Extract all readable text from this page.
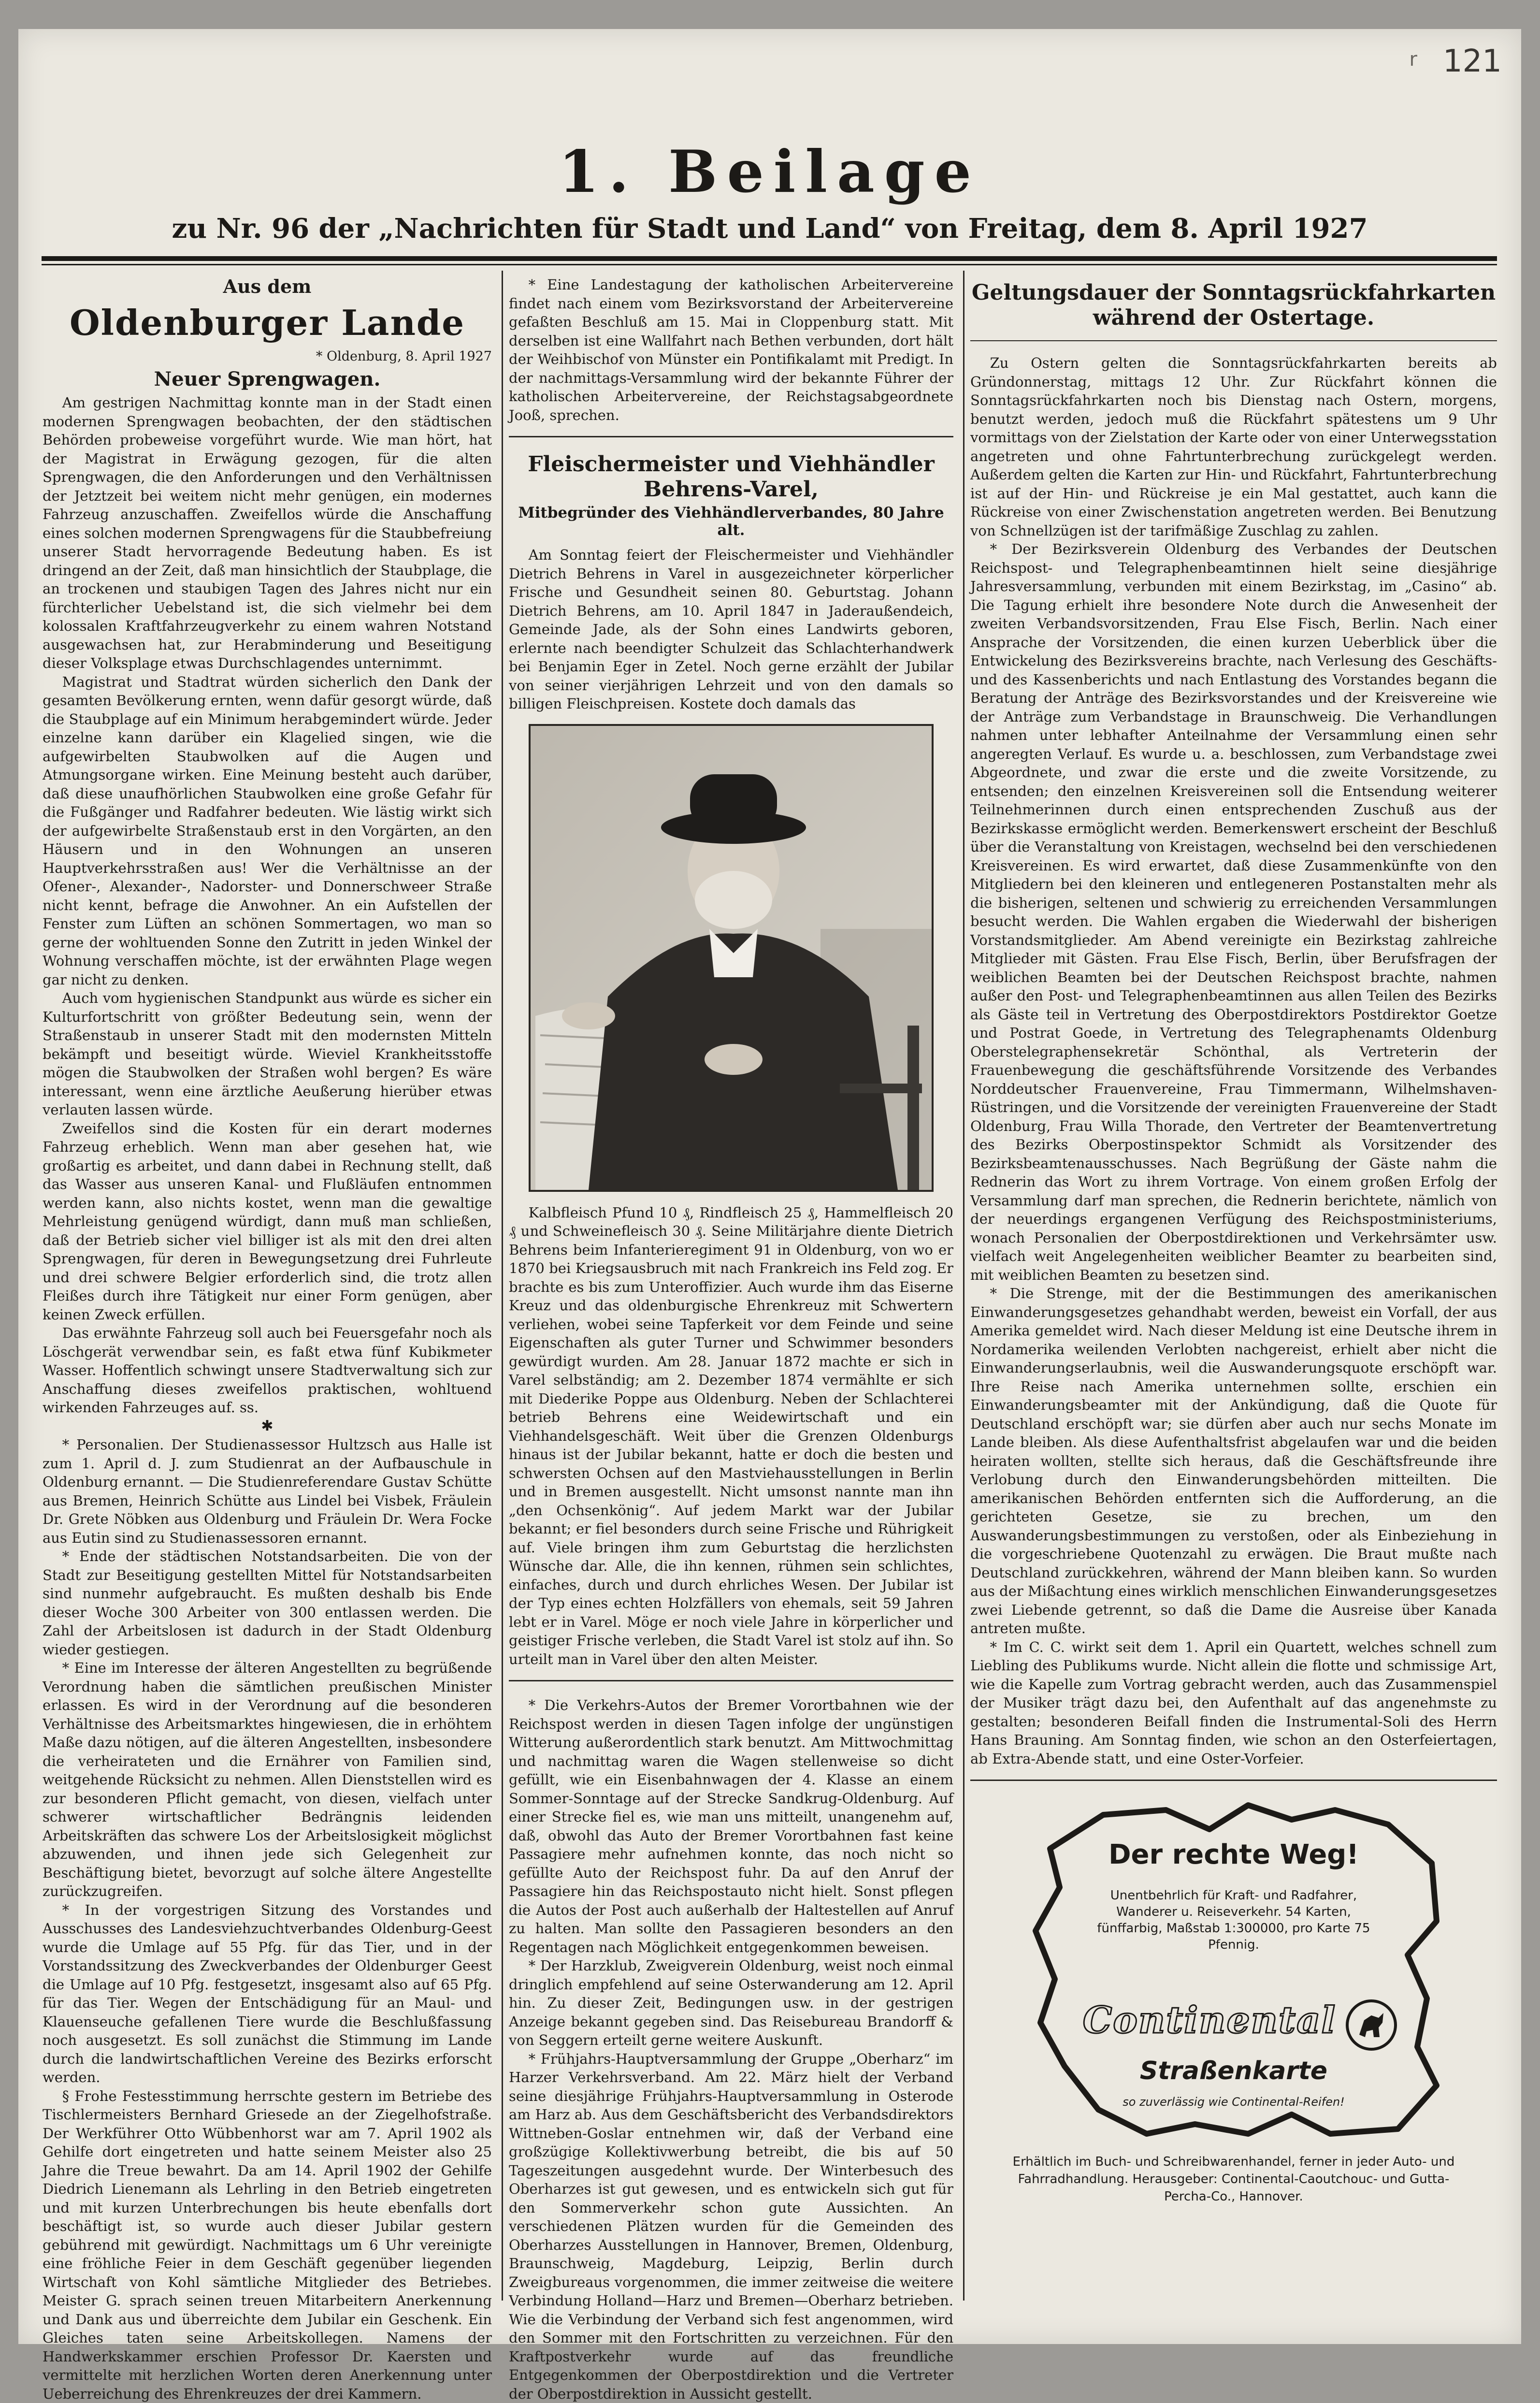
r 121
1. Beilage
zu Nr. 96 der „Nachrichten für Stadt und Land“ von Freitag, dem 8. April 1927
Aus dem
Oldenburger Lande
* Oldenburg, 8. April 1927
Neuer Sprengwagen.

Am gestrigen Nachmittag konnte man in der Stadt einen modernen Sprengwagen beobachten, der den städtischen Behörden probeweise vorgeführt wurde. Wie man hört, hat der Magistrat in Erwägung gezogen, für die alten Sprengwagen, die den Anforderungen und den Verhältnissen der Jetztzeit bei weitem nicht mehr genügen, ein modernes Fahrzeug anzuschaffen. Zweifellos würde die Anschaffung eines solchen modernen Sprengwagens für die Staubbefreiung unserer Stadt hervorragende Bedeutung haben. Es ist dringend an der Zeit, daß man hinsichtlich der Staubplage, die an trockenen und staubigen Tagen des Jahres nicht nur ein fürchterlicher Uebelstand ist, die sich vielmehr bei dem kolossalen Kraftfahrzeugverkehr zu einem wahren Notstand ausgewachsen hat, zur Herabminderung und Beseitigung dieser Volksplage etwas Durchschlagendes unternimmt.

Magistrat und Stadtrat würden sicherlich den Dank der gesamten Bevölkerung ernten, wenn dafür gesorgt würde, daß die Staubplage auf ein Minimum herabgemindert würde. Jeder einzelne kann darüber ein Klagelied singen, wie die aufgewirbelten Staubwolken auf die Augen und Atmungsorgane wirken. Eine Meinung besteht auch darüber, daß diese unaufhörlichen Staubwolken eine große Gefahr für die Fußgänger und Radfahrer bedeuten. Wie lästig wirkt sich der aufgewirbelte Straßenstaub erst in den Vorgärten, an den Häusern und in den Wohnungen an unseren Hauptverkehrsstraßen aus! Wer die Verhältnisse an der Ofener-, Alexander-, Nadorster- und Donnerschweer Straße nicht kennt, befrage die Anwohner. An ein Aufstellen der Fenster zum Lüften an schönen Sommertagen, wo man so gerne der wohltuenden Sonne den Zutritt in jeden Winkel der Wohnung verschaffen möchte, ist der erwähnten Plage wegen gar nicht zu denken.

Auch vom hygienischen Standpunkt aus würde es sicher ein Kulturfortschritt von größter Bedeutung sein, wenn der Straßenstaub in unserer Stadt mit den modernsten Mitteln bekämpft und beseitigt würde. Wieviel Krankheitsstoffe mögen die Staubwolken der Straßen wohl bergen? Es wäre interessant, wenn eine ärztliche Aeußerung hierüber etwas verlauten lassen würde.

Zweifellos sind die Kosten für ein derart modernes Fahrzeug erheblich. Wenn man aber gesehen hat, wie großartig es arbeitet, und dann dabei in Rechnung stellt, daß das Wasser aus unseren Kanal- und Flußläufen entnommen werden kann, also nichts kostet, wenn man die gewaltige Mehrleistung genügend würdigt, dann muß man schließen, daß der Betrieb sicher viel billiger ist als mit den drei alten Sprengwagen, für deren in Bewegungsetzung drei Fuhrleute und drei schwere Belgier erforderlich sind, die trotz allen Fleißes durch ihre Tätigkeit nur einer Form genügen, aber keinen Zweck erfüllen.

Das erwähnte Fahrzeug soll auch bei Feuersgefahr noch als Löschgerät verwendbar sein, es faßt etwa fünf Kubikmeter Wasser. Hoffentlich schwingt unsere Stadtverwaltung sich zur Anschaffung dieses zweifellos praktischen, wohltuend wirkenden Fahrzeuges auf. ss.

✱

* Personalien. Der Studienassessor Hultzsch aus Halle ist zum 1. April d. J. zum Studienrat an der Aufbauschule in Oldenburg ernannt. — Die Studienreferendare Gustav Schütte aus Bremen, Heinrich Schütte aus Lindel bei Visbek, Fräulein Dr. Grete Nöbken aus Oldenburg und Fräulein Dr. Wera Focke aus Eutin sind zu Studienassessoren ernannt.

* Ende der städtischen Notstandsarbeiten. Die von der Stadt zur Beseitigung gestellten Mittel für Notstandsarbeiten sind nunmehr aufgebraucht. Es mußten deshalb bis Ende dieser Woche 300 Arbeiter von 300 entlassen werden. Die Zahl der Arbeitslosen ist dadurch in der Stadt Oldenburg wieder gestiegen.

* Eine im Interesse der älteren Angestellten zu begrüßende Verordnung haben die sämtlichen preußischen Minister erlassen. Es wird in der Verordnung auf die besonderen Verhältnisse des Arbeitsmarktes hingewiesen, die in erhöhtem Maße dazu nötigen, auf die älteren Angestellten, insbesondere die verheirateten und die Ernährer von Familien sind, weitgehende Rücksicht zu nehmen. Allen Dienststellen wird es zur besonderen Pflicht gemacht, von diesen, vielfach unter schwerer wirtschaftlicher Bedrängnis leidenden Arbeitskräften das schwere Los der Arbeitslosigkeit möglichst abzuwenden, und ihnen jede sich Gelegenheit zur Beschäftigung bietet, bevorzugt auf solche ältere Angestellte zurückzugreifen.

* In der vorgestrigen Sitzung des Vorstandes und Ausschusses des Landesviehzuchtverbandes Oldenburg-Geest wurde die Umlage auf 55 Pfg. für das Tier, und in der Vorstandssitzung des Zweckverbandes der Oldenburger Geest die Umlage auf 10 Pfg. festgesetzt, insgesamt also auf 65 Pfg. für das Tier. Wegen der Entschädigung für an Maul- und Klauenseuche gefallenen Tiere wurde die Beschlußfassung noch ausgesetzt. Es soll zunächst die Stimmung im Lande durch die landwirtschaftlichen Vereine des Bezirks erforscht werden.

§ Frohe Festesstimmung herrschte gestern im Betriebe des Tischlermeisters Bernhard Griesede an der Ziegelhofstraße. Der Werkführer Otto Wübbenhorst war am 7. April 1902 als Gehilfe dort eingetreten und hatte seinem Meister also 25 Jahre die Treue bewahrt. Da am 14. April 1902 der Gehilfe Diedrich Lienemann als Lehrling in den Betrieb eingetreten und mit kurzen Unterbrechungen bis heute ebenfalls dort beschäftigt ist, so wurde auch dieser Jubilar gestern gebührend mit gewürdigt. Nachmittags um 6 Uhr vereinigte eine fröhliche Feier in dem Geschäft gegenüber liegenden Wirtschaft von Kohl sämtliche Mitglieder des Betriebes. Meister G. sprach seinen treuen Mitarbeitern Anerkennung und Dank aus und überreichte dem Jubilar ein Geschenk. Ein Gleiches taten seine Arbeitskollegen. Namens der Handwerkskammer erschien Professor Dr. Kaersten und vermittelte mit herzlichen Worten deren Anerkennung unter Ueberreichung des Ehrenkreuzes der drei Kammern.

* Eine Landestagung der katholischen Arbeitervereine findet nach einem vom Bezirksvorstand der Arbeitervereine gefaßten Beschluß am 15. Mai in Cloppenburg statt. Mit derselben ist eine Wallfahrt nach Bethen verbunden, dort hält der Weihbischof von Münster ein Pontifikalamt mit Predigt. In der nachmittags-Versammlung wird der bekannte Führer der katholischen Arbeitervereine, der Reichstagsabgeordnete Jooß, sprechen.

Fleischermeister und Viehhändler Behrens-Varel,
Mitbegründer des Viehhändlerverbandes, 80 Jahre alt.

Am Sonntag feiert der Fleischermeister und Viehhändler Dietrich Behrens in Varel in ausgezeichneter körperlicher Frische und Gesundheit seinen 80. Geburtstag. Johann Dietrich Behrens, am 10. April 1847 in Jaderaußendeich, Gemeinde Jade, als der Sohn eines Landwirts geboren, erlernte nach beendigter Schulzeit das Schlachterhandwerk bei Benjamin Eger in Zetel. Noch gerne erzählt der Jubilar von seiner vierjährigen Lehrzeit und von den damals so billigen Fleischpreisen. Kostete doch damals das

Kalbfleisch Pfund 10 ₰, Rindfleisch 25 ₰, Hammelfleisch 20 ₰ und Schweinefleisch 30 ₰. Seine Militärjahre diente Dietrich Behrens beim Infanterieregiment 91 in Oldenburg, von wo er 1870 bei Kriegsausbruch mit nach Frankreich ins Feld zog. Er brachte es bis zum Unteroffizier. Auch wurde ihm das Eiserne Kreuz und das oldenburgische Ehrenkreuz mit Schwertern verliehen, wobei seine Tapferkeit vor dem Feinde und seine Eigenschaften als guter Turner und Schwimmer besonders gewürdigt wurden. Am 28. Januar 1872 machte er sich in Varel selbständig; am 2. Dezember 1874 vermählte er sich mit Diederike Poppe aus Oldenburg. Neben der Schlachterei betrieb Behrens eine Weidewirtschaft und ein Viehhandelsgeschäft. Weit über die Grenzen Oldenburgs hinaus ist der Jubilar bekannt, hatte er doch die besten und schwersten Ochsen auf den Mastviehausstellungen in Berlin und in Bremen ausgestellt. Nicht umsonst nannte man ihn „den Ochsenkönig“. Auf jedem Markt war der Jubilar bekannt; er fiel besonders durch seine Frische und Rührigkeit auf. Viele bringen ihm zum Geburtstag die herzlichsten Wünsche dar. Alle, die ihn kennen, rühmen sein schlichtes, einfaches, durch und durch ehrliches Wesen. Der Jubilar ist der Typ eines echten Holzfällers von ehemals, seit 59 Jahren lebt er in Varel. Möge er noch viele Jahre in körperlicher und geistiger Frische verleben, die Stadt Varel ist stolz auf ihn. So urteilt man in Varel über den alten Meister.

* Die Verkehrs-Autos der Bremer Vorortbahnen wie der Reichspost werden in diesen Tagen infolge der ungünstigen Witterung außerordentlich stark benutzt. Am Mittwochmittag und nachmittag waren die Wagen stellenweise so dicht gefüllt, wie ein Eisenbahnwagen der 4. Klasse an einem Sommer-Sonntage auf der Strecke Sandkrug-Oldenburg. Auf einer Strecke fiel es, wie man uns mitteilt, unangenehm auf, daß, obwohl das Auto der Bremer Vorortbahnen fast keine Passagiere mehr aufnehmen konnte, das noch nicht so gefüllte Auto der Reichspost fuhr. Da auf den Anruf der Passagiere hin das Reichspostauto nicht hielt. Sonst pflegen die Autos der Post auch außerhalb der Haltestellen auf Anruf zu halten. Man sollte den Passagieren besonders an den Regentagen nach Möglichkeit entgegenkommen beweisen.

* Der Harzklub, Zweigverein Oldenburg, weist noch einmal dringlich empfehlend auf seine Osterwanderung am 12. April hin. Zu dieser Zeit, Bedingungen usw. in der gestrigen Anzeige bekannt gegeben sind. Das Reisebureau Brandorff & von Seggern erteilt gerne weitere Auskunft.

* Frühjahrs-Hauptversammlung der Gruppe „Oberharz“ im Harzer Verkehrsverband. Am 22. März hielt der Verband seine diesjährige Frühjahrs-Hauptversammlung in Osterode am Harz ab. Aus dem Geschäftsbericht des Verbandsdirektors Wittneben-Goslar entnehmen wir, daß der Verband eine großzügige Kollektivwerbung betreibt, die bis auf 50 Tageszeitungen ausgedehnt wurde. Der Winterbesuch des Oberharzes ist gut gewesen, und es entwickeln sich gut für den Sommerverkehr schon gute Aussichten. An verschiedenen Plätzen wurden für die Gemeinden des Oberharzes Ausstellungen in Hannover, Bremen, Oldenburg, Braunschweig, Magdeburg, Leipzig, Berlin durch Zweigbureaus vorgenommen, die immer zeitweise die weitere Verbindung Holland—Harz und Bremen—Oberharz betrieben. Wie die Verbindung der Verband sich fest angenommen, wird den Sommer mit den Fortschritten zu verzeichnen. Für den Kraftpostverkehr wurde auf das freundliche Entgegenkommen der Oberpostdirektion und die Vertreter der Oberpostdirektion in Aussicht gestellt.

Geltungsdauer der Sonntagsrückfahrkarten während der Ostertage.

Zu Ostern gelten die Sonntagsrückfahrkarten bereits ab Gründonnerstag, mittags 12 Uhr. Zur Rückfahrt können die Sonntagsrückfahrkarten noch bis Dienstag nach Ostern, morgens, benutzt werden, jedoch muß die Rückfahrt spätestens um 9 Uhr vormittags von der Zielstation der Karte oder von einer Unterwegsstation angetreten und ohne Fahrtunterbrechung zurückgelegt werden. Außerdem gelten die Karten zur Hin- und Rückfahrt, Fahrtunterbrechung ist auf der Hin- und Rückreise je ein Mal gestattet, auch kann die Rückreise von einer Zwischenstation angetreten werden. Bei Benutzung von Schnellzügen ist der tarifmäßige Zuschlag zu zahlen.

* Der Bezirksverein Oldenburg des Verbandes der Deutschen Reichspost- und Telegraphenbeamtinnen hielt seine diesjährige Jahresversammlung, verbunden mit einem Bezirkstag, im „Casino“ ab. Die Tagung erhielt ihre besondere Note durch die Anwesenheit der zweiten Verbandsvorsitzenden, Frau Else Fisch, Berlin. Nach einer Ansprache der Vorsitzenden, die einen kurzen Ueberblick über die Entwickelung des Bezirksvereins brachte, nach Verlesung des Geschäfts- und des Kassenberichts und nach Entlastung des Vorstandes begann die Beratung der Anträge des Bezirksvorstandes und der Kreisvereine wie der Anträge zum Verbandstage in Braunschweig. Die Verhandlungen nahmen unter lebhafter Anteilnahme der Versammlung einen sehr angeregten Verlauf. Es wurde u. a. beschlossen, zum Verbandstage zwei Abgeordnete, und zwar die erste und die zweite Vorsitzende, zu entsenden; den einzelnen Kreisvereinen soll die Entsendung weiterer Teilnehmerinnen durch einen entsprechenden Zuschuß aus der Bezirkskasse ermöglicht werden. Bemerkenswert erscheint der Beschluß über die Veranstaltung von Kreistagen, wechselnd bei den verschiedenen Kreisvereinen. Es wird erwartet, daß diese Zusammenkünfte von den Mitgliedern bei den kleineren und entlegeneren Postanstalten mehr als die bisherigen, seltenen und schwierig zu erreichenden Versammlungen besucht werden. Die Wahlen ergaben die Wiederwahl der bisherigen Vorstandsmitglieder. Am Abend vereinigte ein Bezirkstag zahlreiche Mitglieder mit Gästen. Frau Else Fisch, Berlin, über Berufsfragen der weiblichen Beamten bei der Deutschen Reichspost brachte, nahmen außer den Post- und Telegraphenbeamtinnen aus allen Teilen des Bezirks als Gäste teil in Vertretung des Oberpostdirektors Postdirektor Goetze und Postrat Goede, in Vertretung des Telegraphenamts Oldenburg Oberstelegraphensekretär Schönthal, als Vertreterin der Frauenbewegung die geschäftsführende Vorsitzende des Verbandes Norddeutscher Frauenvereine, Frau Timmermann, Wilhelmshaven-Rüstringen, und die Vorsitzende der vereinigten Frauenvereine der Stadt Oldenburg, Frau Willa Thorade, den Vertreter der Beamtenvertretung des Bezirks Oberpostinspektor Schmidt als Vorsitzender des Bezirksbeamtenausschusses. Nach Begrüßung der Gäste nahm die Rednerin das Wort zu ihrem Vortrage. Von einem großen Erfolg der Versammlung darf man sprechen, die Rednerin berichtete, nämlich von der neuerdings ergangenen Verfügung des Reichspostministeriums, wonach Personalien der Oberpostdirektionen und Verkehrsämter usw. vielfach weit Angelegenheiten weiblicher Beamter zu bearbeiten sind, mit weiblichen Beamten zu besetzen sind.

* Die Strenge, mit der die Bestimmungen des amerikanischen Einwanderungsgesetzes gehandhabt werden, beweist ein Vorfall, der aus Amerika gemeldet wird. Nach dieser Meldung ist eine Deutsche ihrem in Nordamerika weilenden Verlobten nachgereist, erhielt aber nicht die Einwanderungserlaubnis, weil die Auswanderungsquote erschöpft war. Ihre Reise nach Amerika unternehmen sollte, erschien ein Einwanderungsbeamter mit der Ankündigung, daß die Quote für Deutschland erschöpft war; sie dürfen aber auch nur sechs Monate im Lande bleiben. Als diese Aufenthaltsfrist abgelaufen war und die beiden heiraten wollten, stellte sich heraus, daß die Geschäftsfreunde ihre Verlobung durch den Einwanderungsbehörden mitteilten. Die amerikanischen Behörden entfernten sich die Aufforderung, an die gerichteten Gesetze, sie zu brechen, um den Auswanderungsbestimmungen zu verstoßen, oder als Einbeziehung in die vorgeschriebene Quotenzahl zu erwägen. Die Braut mußte nach Deutschland zurückkehren, während der Mann bleiben kann. So wurden aus der Mißachtung eines wirklich menschlichen Einwanderungsgesetzes zwei Liebende getrennt, so daß die Dame die Ausreise über Kanada antreten mußte.

* Im C. C. wirkt seit dem 1. April ein Quartett, welches schnell zum Liebling des Publikums wurde. Nicht allein die flotte und schmissige Art, wie die Kapelle zum Vortrag gebracht werden, auch das Zusammenspiel der Musiker trägt dazu bei, den Aufenthalt auf das angenehmste zu gestalten; besonderen Beifall finden die Instrumental-Soli des Herrn Hans Brauning. Am Sonntag finden, wie schon an den Osterfeiertagen, ab Extra-Abende statt, und eine Oster-Vorfeier.

Der rechte Weg!
Unentbehrlich für Kraft- und Radfahrer, Wanderer u. Reiseverkehr. 54 Karten, fünffarbig, Maßstab 1:300000, pro Karte 75 Pfennig.
Continental
Straßenkarte
so zuverlässig wie Continental-Reifen!
Erhältlich im Buch- und Schreibwarenhandel, ferner in jeder Auto- und Fahrradhandlung. Herausgeber: Continental-Caoutchouc- und Gutta-Percha-Co., Hannover.
